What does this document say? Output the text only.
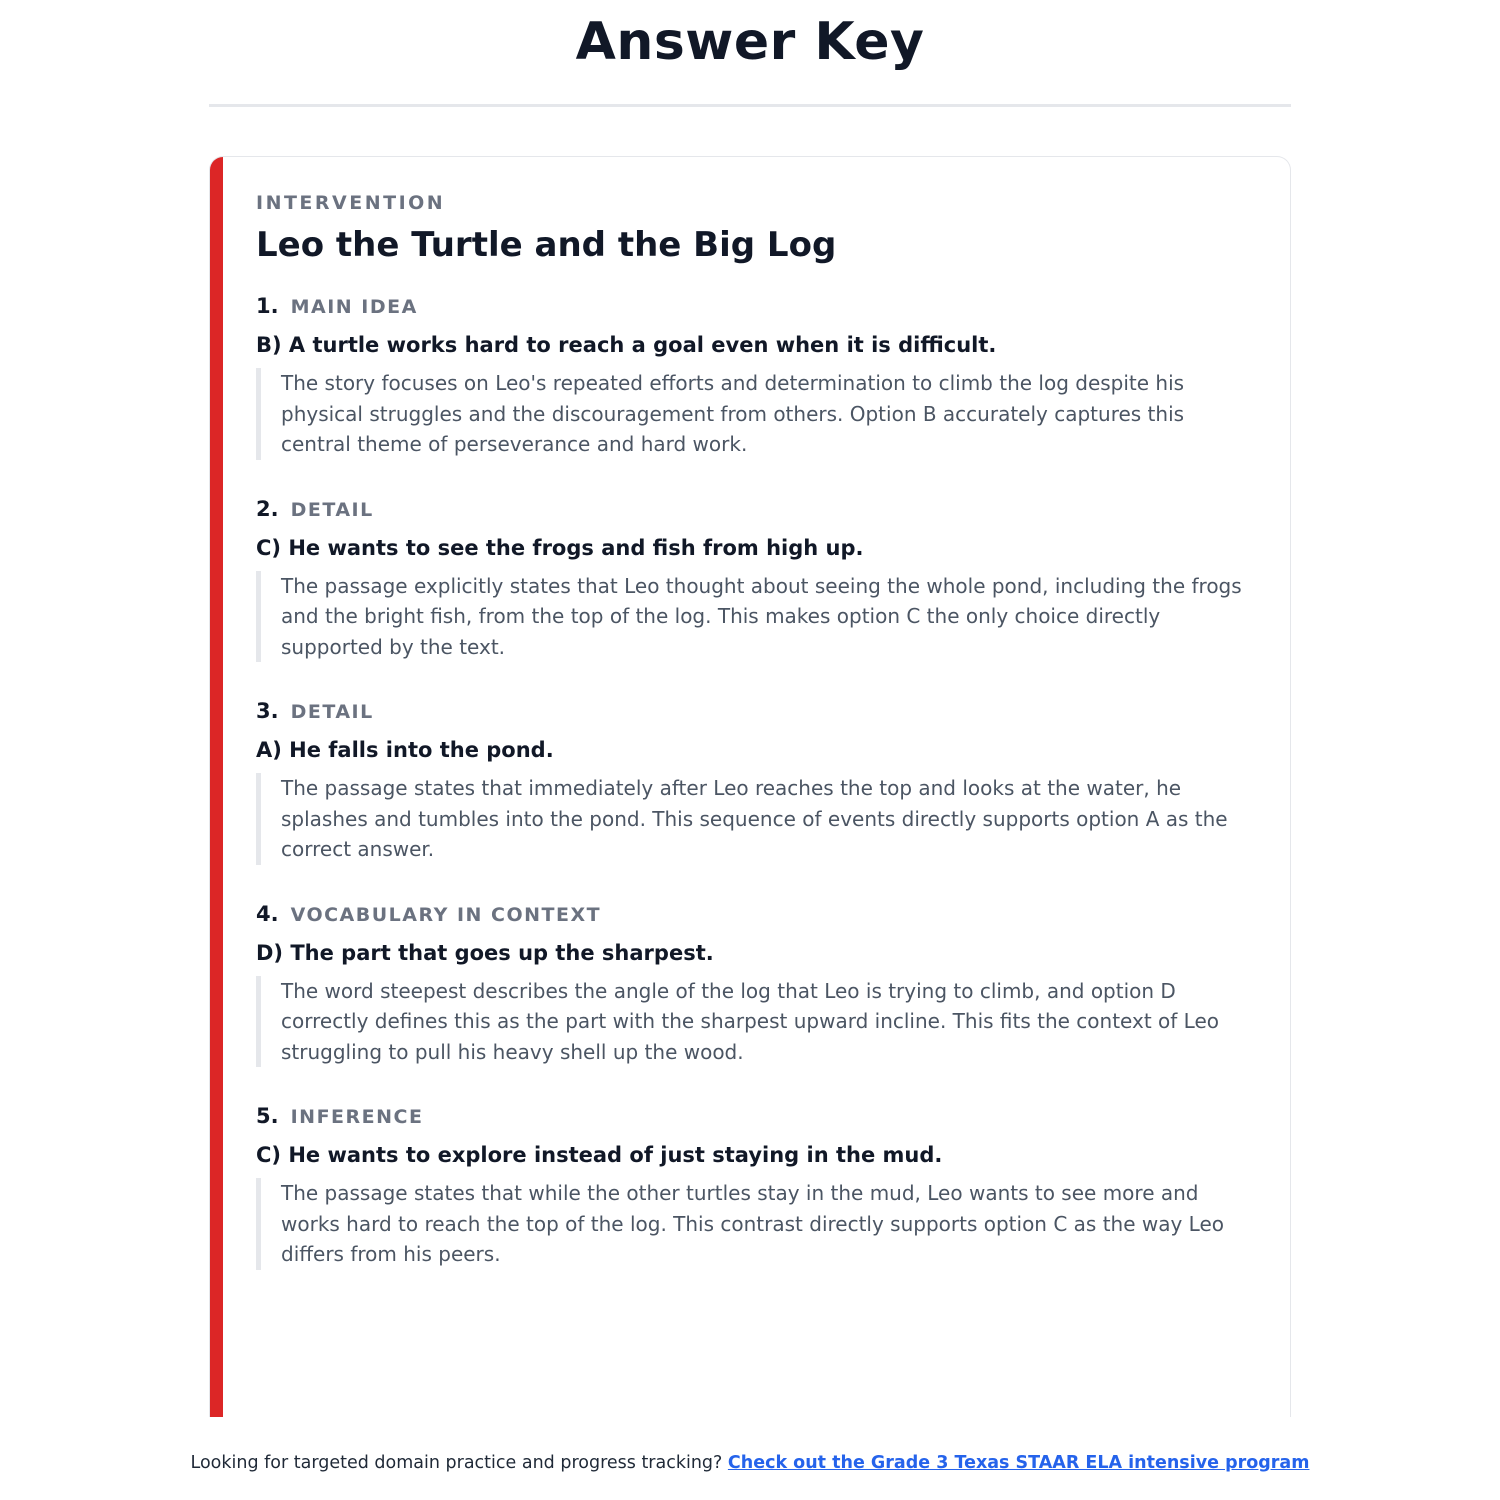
Answer Key
INTERVENTION
Leo the Turtle and the Big Log
1. MAIN IDEA

B) A turtle works hard to reach a goal even when it is difficult.

The story focuses on Leo's repeated efforts and determination to climb the log despite his physical struggles and the discouragement from others. Option B accurately captures this central theme of perseverance and hard work.

2. DETAIL

C) He wants to see the frogs and fish from high up.

The passage explicitly states that Leo thought about seeing the whole pond, including the frogs and the bright fish, from the top of the log. This makes option C the only choice directly supported by the text.

3. DETAIL

A) He falls into the pond.

The passage states that immediately after Leo reaches the top and looks at the water, he splashes and tumbles into the pond. This sequence of events directly supports option A as the correct answer.

4. VOCABULARY IN CONTEXT

D) The part that goes up the sharpest.

The word steepest describes the angle of the log that Leo is trying to climb, and option D correctly defines this as the part with the sharpest upward incline. This fits the context of Leo struggling to pull his heavy shell up the wood.

5. INFERENCE

C) He wants to explore instead of just staying in the mud.

The passage states that while the other turtles stay in the mud, Leo wants to see more and works hard to reach the top of the log. This contrast directly supports option C as the way Leo differs from his peers.

Looking for targeted domain practice and progress tracking? Check out the Grade 3 Texas STAAR ELA intensive program
